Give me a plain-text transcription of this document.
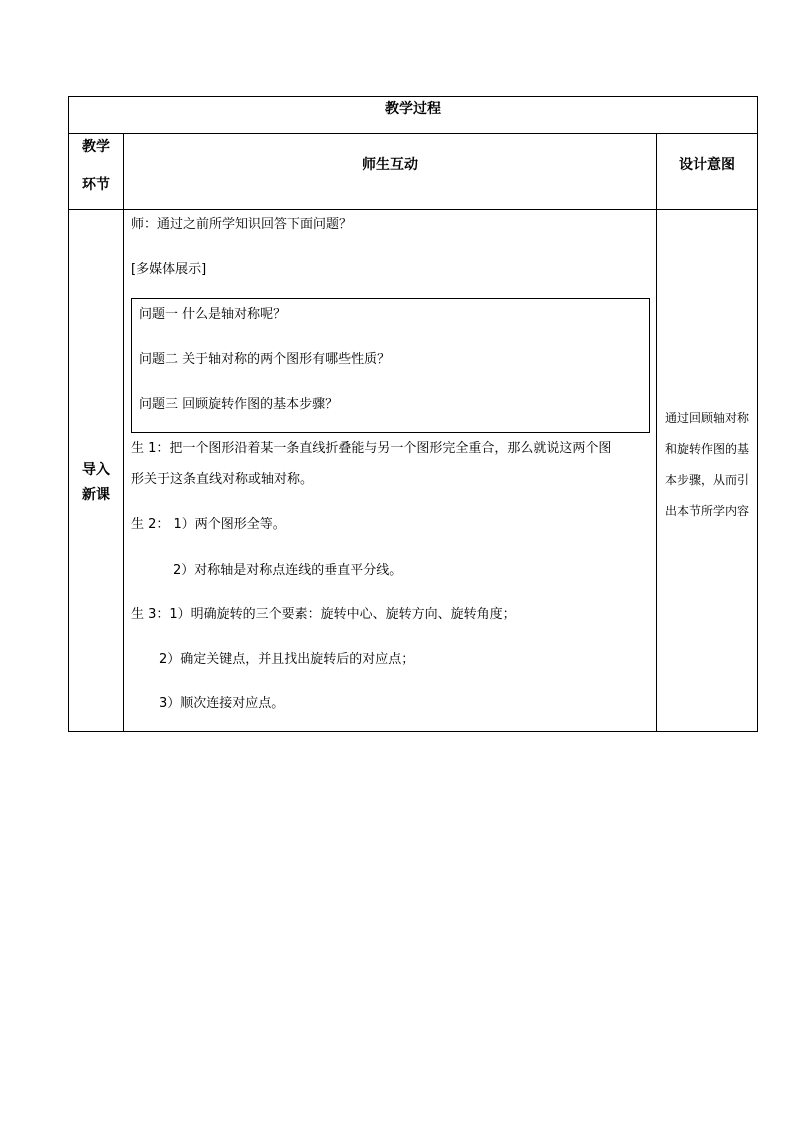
教学过程
教学
环节
师生互动	设计意图
导入
新课
师：通过之前所学知识回答下面问题？
[多媒体展示]
问题一 什么是轴对称呢？
问题二 关于轴对称的两个图形有哪些性质？
问题三 回顾旋转作图的基本步骤？
生 1：把一个图形沿着某一条直线折叠能与另一个图形完全重合，那么就说这两个图
形关于这条直线对称或轴对称。
生 2： 1）两个图形全等。
2）对称轴是对称点连线的垂直平分线。
生 3：1）明确旋转的三个要素：旋转中心、旋转方向、旋转角度；
2）确定关键点，并且找出旋转后的对应点；
3）顺次连接对应点。
通过回顾轴对称
和旋转作图的基
本步骤，从而引
出本节所学内容
